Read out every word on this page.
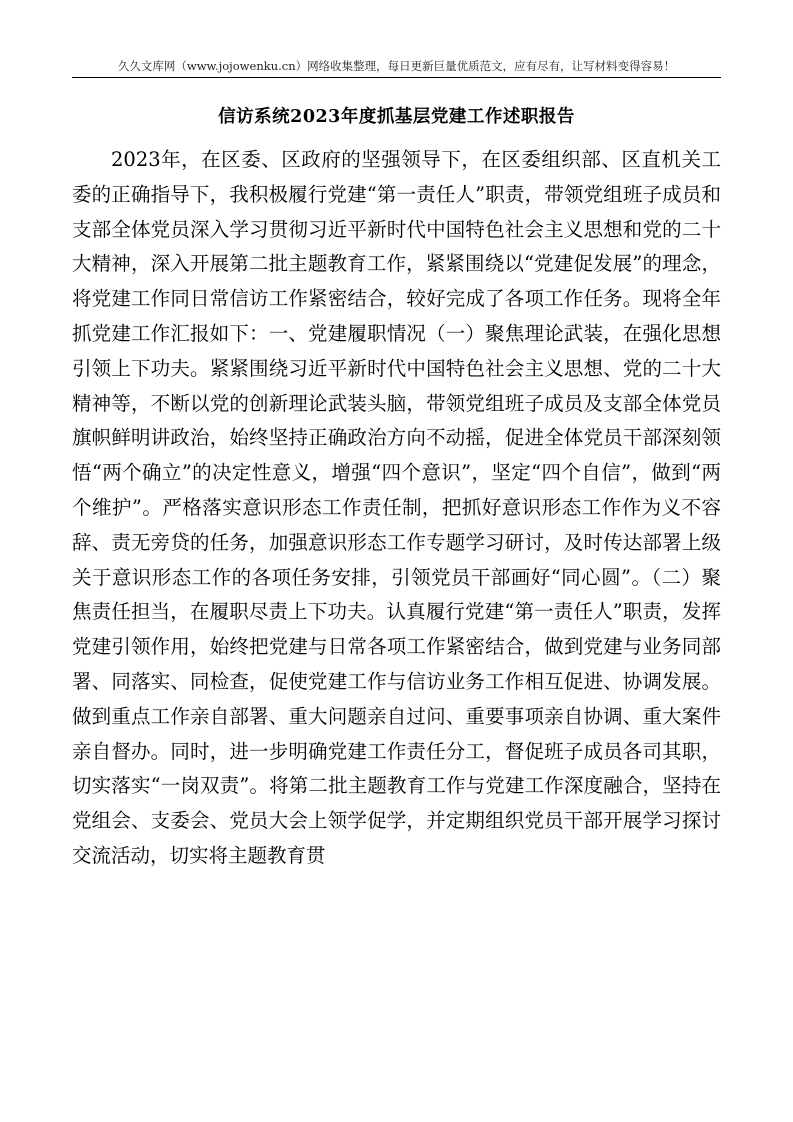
久久文库网（www.jojowenku.cn）网络收集整理，每日更新巨量优质范文，应有尽有，让写材料变得容易！
信访系统2023年度抓基层党建工作述职报告

2023年，在区委、区政府的坚强领导下，在区委组织部、区直机关工委的正确指导下，我积极履行党建“第一责任人”职责，带领党组班子成员和支部全体党员深入学习贯彻习近平新时代中国特色社会主义思想和党的二十大精神，深入开展第二批主题教育工作，紧紧围绕以“党建促发展”的理念，将党建工作同日常信访工作紧密结合，较好完成了各项工作任务。现将全年抓党建工作汇报如下：一、党建履职情况（一）聚焦理论武装，在强化思想引领上下功夫。紧紧围绕习近平新时代中国特色社会主义思想、党的二十大精神等，不断以党的创新理论武装头脑，带领党组班子成员及支部全体党员旗帜鲜明讲政治，始终坚持正确政治方向不动摇，促进全体党员干部深刻领悟“两个确立”的决定性意义，增强“四个意识”，坚定“四个自信”，做到“两个维护”。严格落实意识形态工作责任制，把抓好意识形态工作作为义不容辞、责无旁贷的任务，加强意识形态工作专题学习研讨，及时传达部署上级关于意识形态工作的各项任务安排，引领党员干部画好“同心圆”。（二）聚焦责任担当，在履职尽责上下功夫。认真履行党建“第一责任人”职责，发挥党建引领作用，始终把党建与日常各项工作紧密结合，做到党建与业务同部署、同落实、同检查，促使党建工作与信访业务工作相互促进、协调发展。做到重点工作亲自部署、重大问题亲自过问、重要事项亲自协调、重大案件亲自督办。同时，进一步明确党建工作责任分工，督促班子成员各司其职，切实落实“一岗双责”。将第二批主题教育工作与党建工作深度融合，坚持在党组会、支委会、党员大会上领学促学，并定期组织党员干部开展学习探讨交流活动，切实将主题教育贯
